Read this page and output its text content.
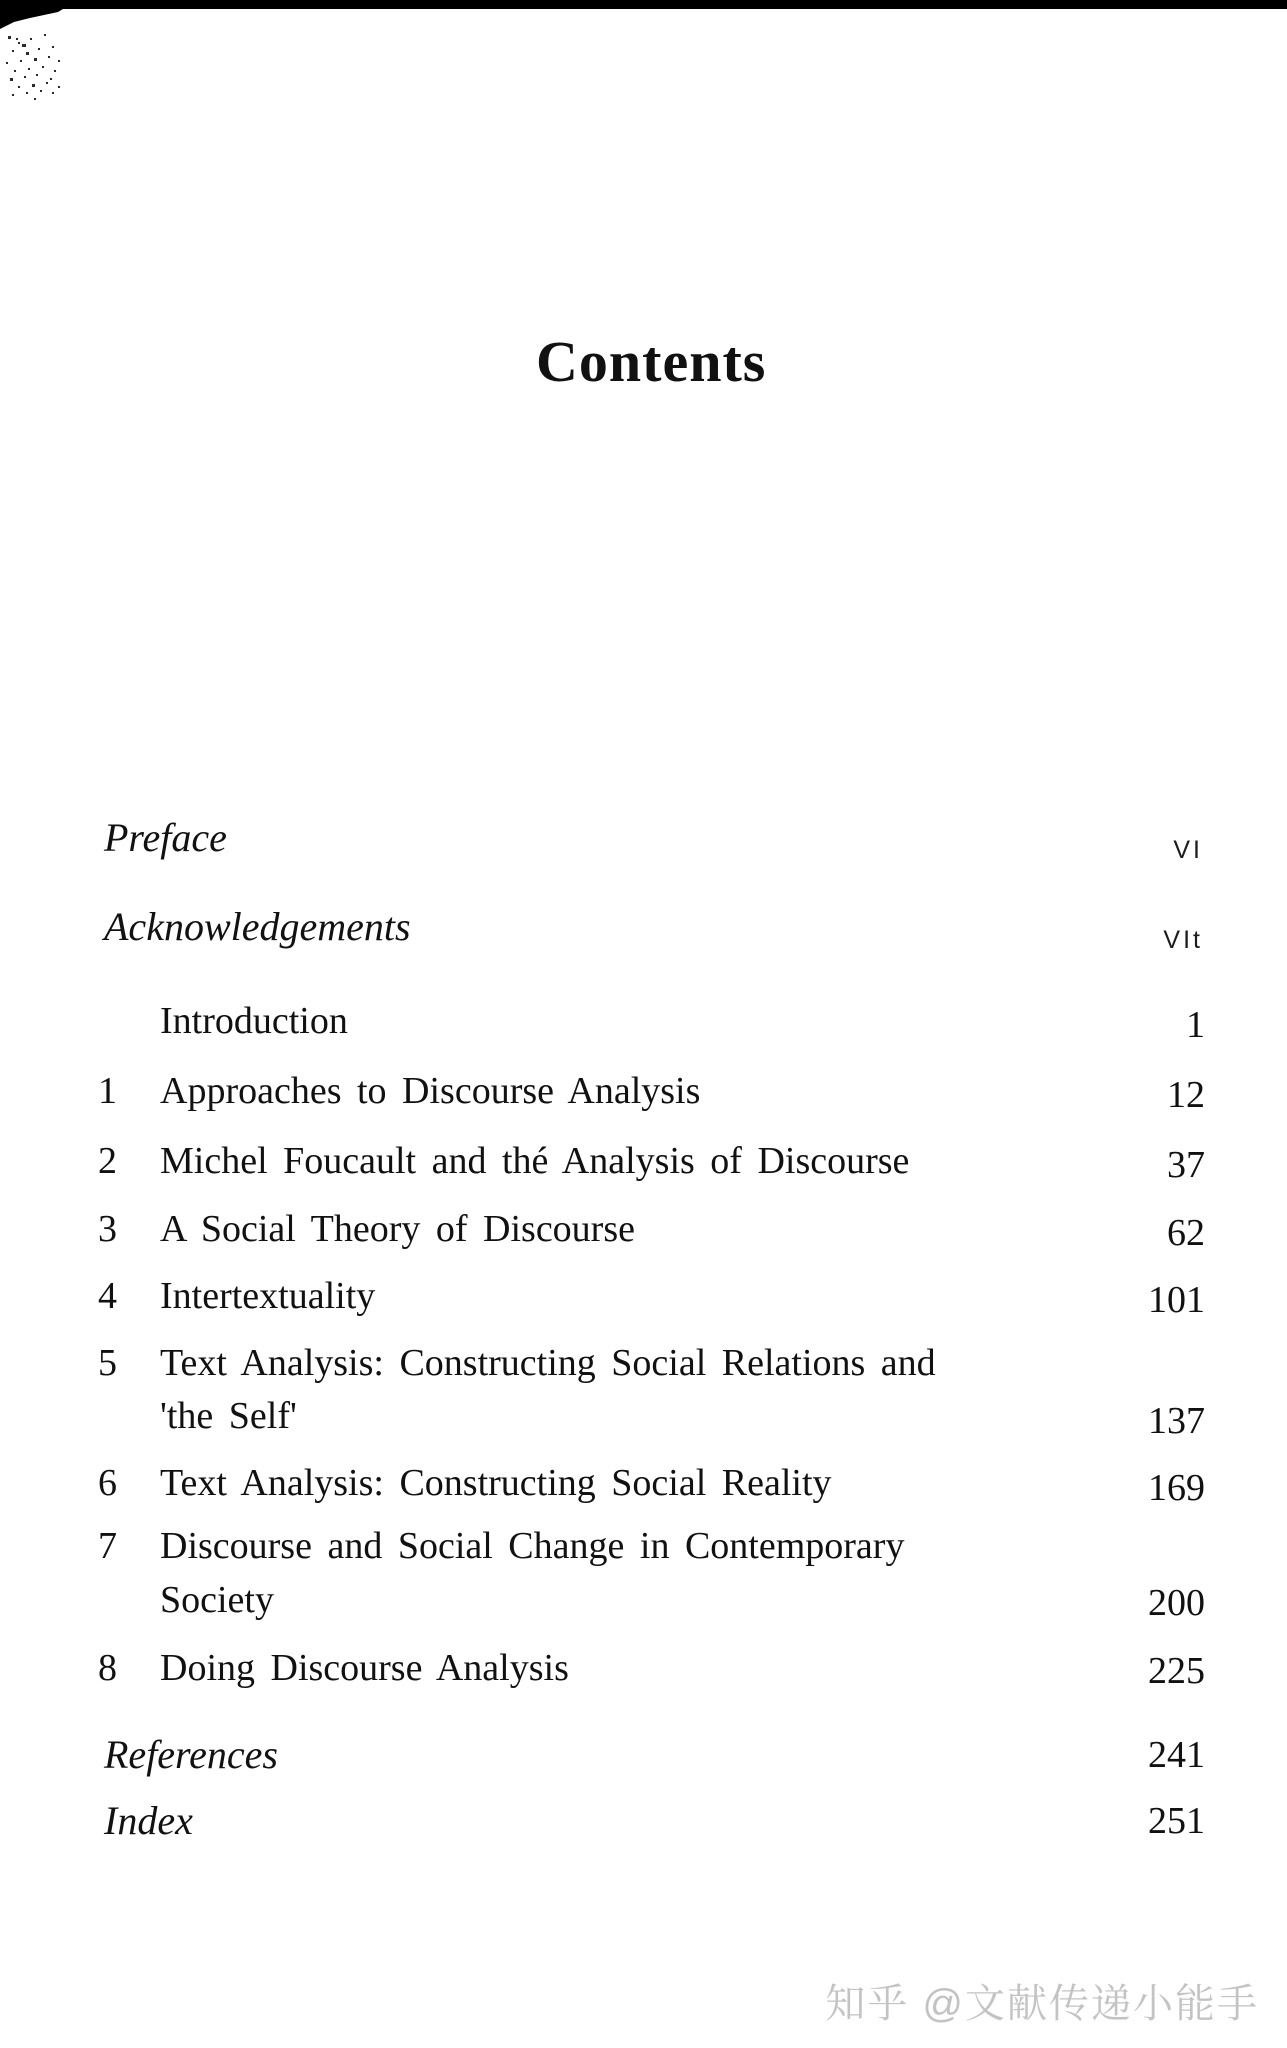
Contents
Preface	VI
Acknowledgements	VIt
Introduction	1
1 Approaches to Discourse Analysis	12
2 Michel Foucault and thé Analysis of Discourse	37
3 A Social Theory of Discourse	62
4 Intertextuality	101
5 Text Analysis: Constructing Social Relations and
'the Self'	137
6 Text Analysis: Constructing Social Reality	169
7 Discourse and Social Change in Contemporary
Society	200
8 Doing Discourse Analysis	225
References	241
Index	251
知乎 @文献传递小能手
